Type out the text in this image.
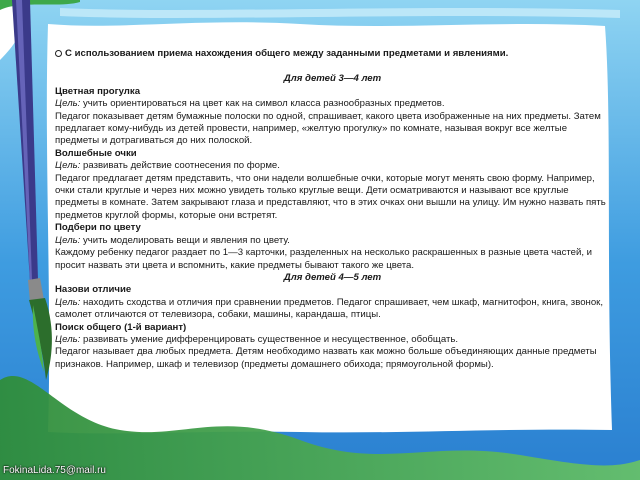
С использованием приема нахождения общего между заданными предметами и явлениями.

Для детей 3—4 лет

Цветная прогулка

Цель: учить ориентироваться на цвет как на символ класса разнообразных предметов.

Педагог показывает детям бумажные полоски по одной, спрашивает, какого цвета изображенные на них предметы. Затем предлагает кому-нибудь из детей провести, например, «желтую прогулку» по комнате, называя вокруг все желтые предметы и дотрагиваться до них полоской.

Волшебные очки

Цель: развивать действие соотнесения по форме.

Педагог предлагает детям представить, что они надели волшебные очки, которые могут менять свою форму. Например, очки стали круглые и через них можно увидеть только круглые вещи. Дети осматриваются и называют все круглые предметы в комнате. Затем закрывают глаза и представляют, что в этих очках они вышли на улицу. Им нужно назвать пять предметов круглой формы, которые они встретят.

Подбери по цвету

Цель: учить моделировать вещи и явления по цвету.

Каждому ребенку педагог раздает по 1—3 карточки, разделенных на несколько раскрашенных в разные цвета частей, и просит назвать эти цвета и вспомнить, какие предметы бывают такого же цвета.

Для детей 4—5 лет

Назови отличие

Цель: находить сходства и отличия при сравнении предметов. Педагог спрашивает, чем шкаф, магнитофон, книга, звонок, самолет отличаются от телевизора, собаки, машины, карандаша, птицы.

Поиск общего (1-й вариант)

Цель: развивать умение дифференцировать существенное и несущественное, обобщать.

Педагог называет два любых предмета. Детям необходимо назвать как можно больше объединяющих данные предметы признаков. Например, шкаф и телевизор (предметы домашнего обихода; прямоугольной формы).

FokinaLida.75@mail.ru
